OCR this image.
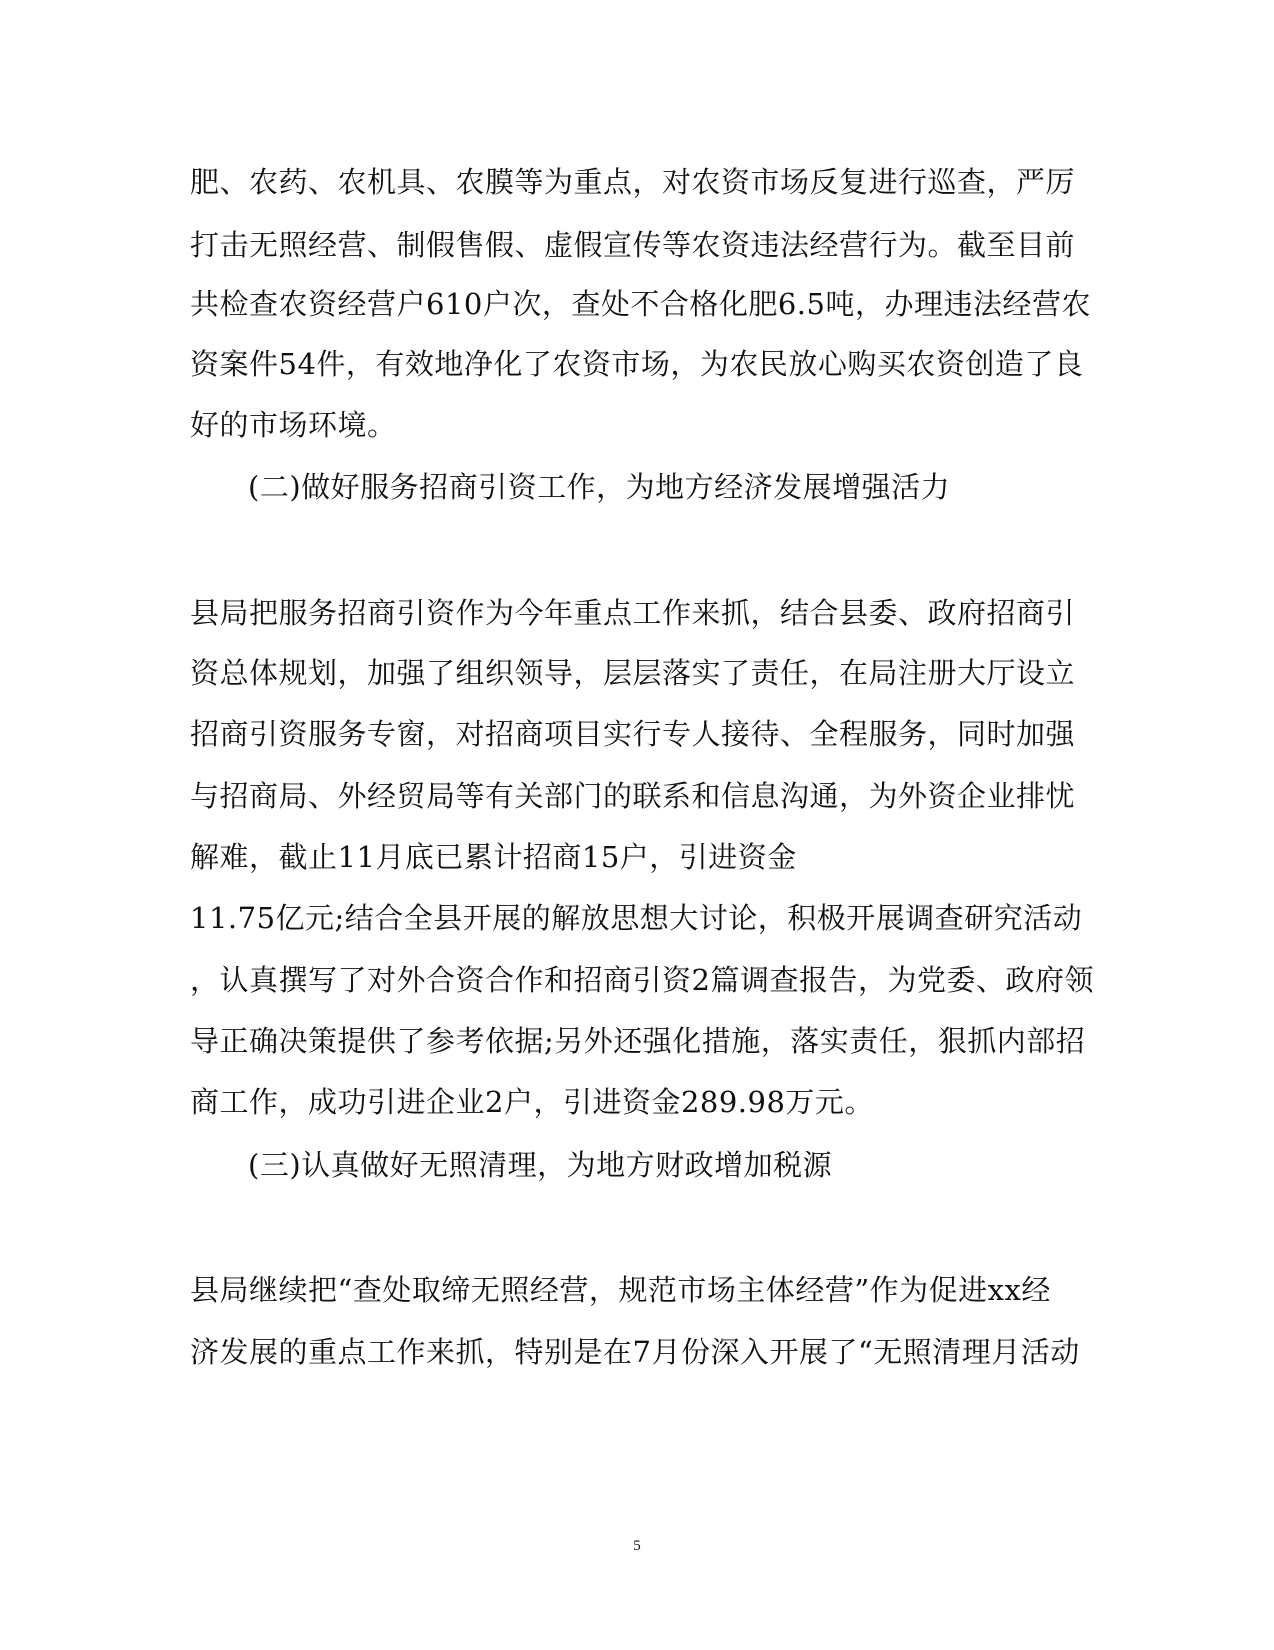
肥、农药、农机具、农膜等为重点，对农资市场反复进行巡查，严厉
打击无照经营、制假售假、虚假宣传等农资违法经营行为。截至目前
共检查农资经营户610户次，查处不合格化肥6.5吨，办理违法经营农
资案件54件，有效地净化了农资市场，为农民放心购买农资创造了良
好的市场环境。
(二)做好服务招商引资工作，为地方经济发展增强活力
县局把服务招商引资作为今年重点工作来抓，结合县委、政府招商引
资总体规划，加强了组织领导，层层落实了责任，在局注册大厅设立
招商引资服务专窗，对招商项目实行专人接待、全程服务，同时加强
与招商局、外经贸局等有关部门的联系和信息沟通，为外资企业排忧
解难，截止11月底已累计招商15户，引进资金
11.75亿元;结合全县开展的解放思想大讨论，积极开展调查研究活动
，认真撰写了对外合资合作和招商引资2篇调查报告，为党委、政府领
导正确决策提供了参考依据;另外还强化措施，落实责任，狠抓内部招
商工作，成功引进企业2户，引进资金289.98万元。
(三)认真做好无照清理，为地方财政增加税源
县局继续把“查处取缔无照经营，规范市场主体经营”作为促进xx经
济发展的重点工作来抓，特别是在7月份深入开展了“无照清理月活动
5
